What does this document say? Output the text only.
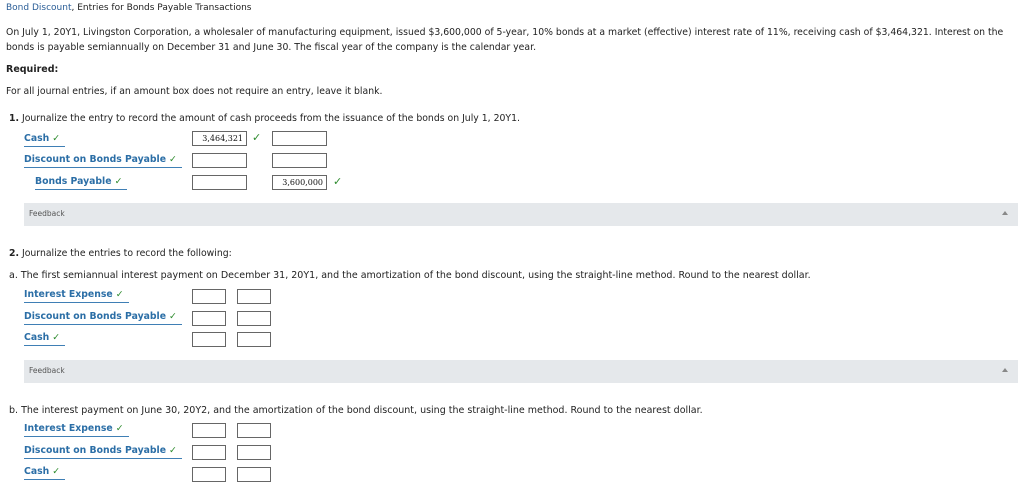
Bond Discount, Entries for Bonds Payable Transactions
On July 1, 20Y1, Livingston Corporation, a wholesaler of manufacturing equipment, issued $3,600,000 of 5-year, 10% bonds at a market (effective) interest rate of 11%, receiving cash of $3,464,321. Interest on the bonds is payable semiannually on December 31 and June 30. The fiscal year of the company is the calendar year.
Required:
For all journal entries, if an amount box does not require an entry, leave it blank.
1. Journalize the entry to record the amount of cash proceeds from the issuance of the bonds on July 1, 20Y1.
Cash ✓	3,464,321 ✓
Discount on Bonds Payable ✓
Bonds Payable ✓	3,600,000 ✓
Feedback
2. Journalize the entries to record the following:
a. The first semiannual interest payment on December 31, 20Y1, and the amortization of the bond discount, using the straight-line method. Round to the nearest dollar.
Interest Expense ✓
Discount on Bonds Payable ✓
Cash ✓
Feedback
b. The interest payment on June 30, 20Y2, and the amortization of the bond discount, using the straight-line method. Round to the nearest dollar.
Interest Expense ✓
Discount on Bonds Payable ✓
Cash ✓
